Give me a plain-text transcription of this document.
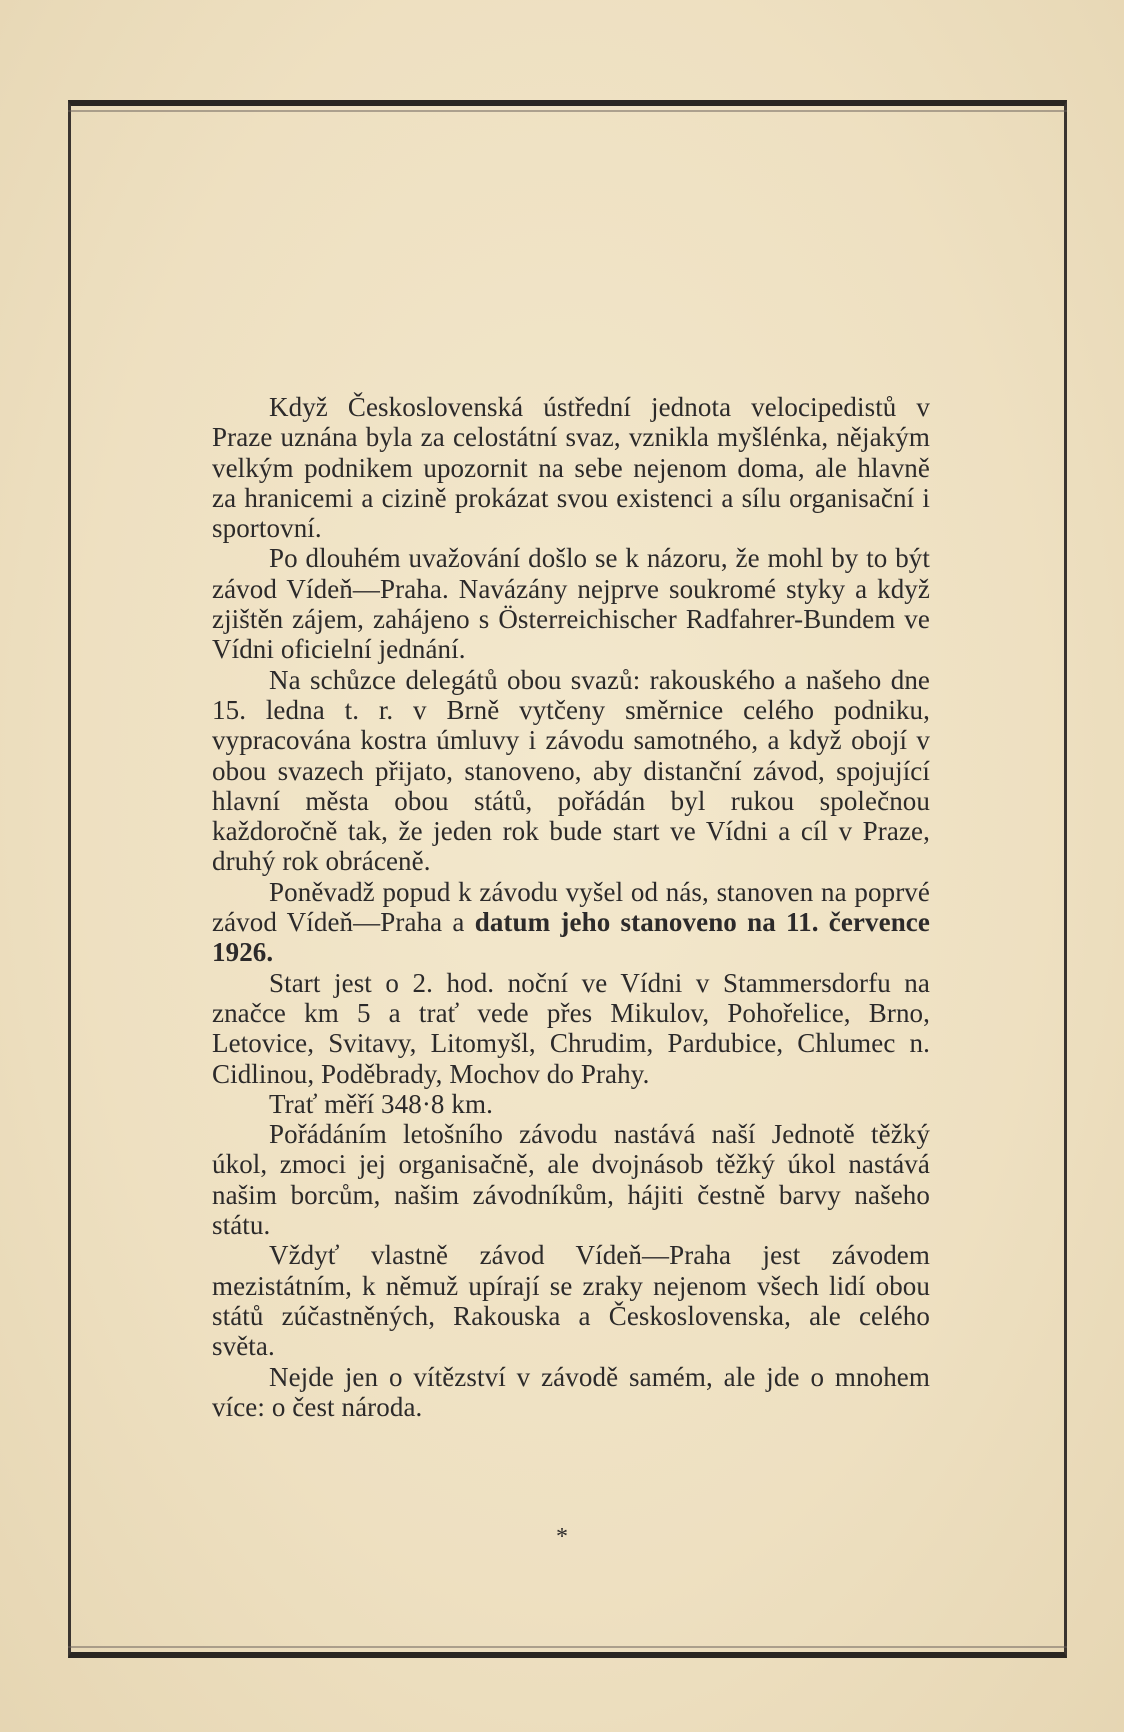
Když Československá ústřední jednota velocipedistů v Praze uznána byla za celostátní svaz, vznikla myšlénka, nějakým velkým podnikem upozornit na sebe nejenom doma, ale hlavně za hranicemi a cizině prokázat svou existenci a sílu organisační i sportovní.

Po dlouhém uvažování došlo se k názoru, že mohl by to být závod Vídeň—Praha. Navázány nejprve soukromé styky a když zjištěn zájem, zahájeno s Österreichischer Radfahrer-Bundem ve Vídni oficielní jednání.

Na schůzce delegátů obou svazů: rakouského a našeho dne 15. ledna t. r. v Brně vytčeny směrnice celého podniku, vypracována kostra úmluvy i závodu samotného, a když obojí v obou svazech přijato, stanoveno, aby distanční závod, spojující hlavní města obou států, pořádán byl rukou společnou každoročně tak, že jeden rok bude start ve Vídni a cíl v Praze, druhý rok obráceně.

Poněvadž popud k závodu vyšel od nás, stanoven na poprvé závod Vídeň—Praha a datum jeho stanoveno na 11. července 1926.

Start jest o 2. hod. noční ve Vídni v Stammersdorfu na značce km 5 a trať vede přes Mikulov, Pohořelice, Brno, Letovice, Svitavy, Litomyšl, Chrudim, Pardubice, Chlumec n. Cidlinou, Poděbrady, Mochov do Prahy.

Trať měří 348·8 km.

Pořádáním letošního závodu nastává naší Jednotě těžký úkol, zmoci jej organisačně, ale dvojnásob těžký úkol nastává našim borcům, našim závodníkům, hájiti čestně barvy našeho státu.

Vždyť vlastně závod Vídeň—Praha jest závodem mezistátním, k němuž upírají se zraky nejenom všech lidí obou států zúčastněných, Rakouska a Československa, ale celého světa.

Nejde jen o vítězství v závodě samém, ale jde o mnohem více: o čest národa.

*
